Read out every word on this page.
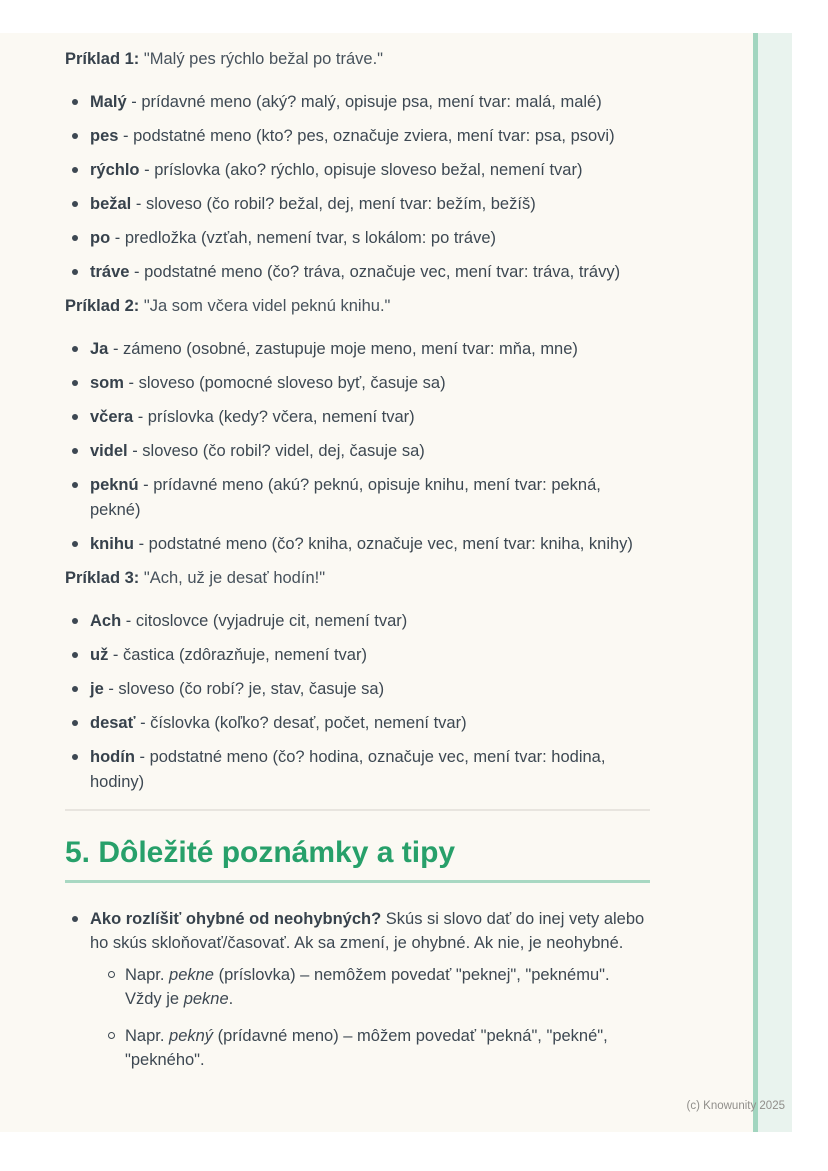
Príklad 1: "Malý pes rýchlo bežal po tráve."

Malý - prídavné meno (aký? malý, opisuje psa, mení tvar: malá, malé)
pes - podstatné meno (kto? pes, označuje zviera, mení tvar: psa, psovi)
rýchlo - príslovka (ako? rýchlo, opisuje sloveso bežal, nemení tvar)
bežal - sloveso (čo robil? bežal, dej, mení tvar: bežím, bežíš)
po - predložka (vzťah, nemení tvar, s lokálom: po tráve)
tráve - podstatné meno (čo? tráva, označuje vec, mení tvar: tráva, trávy)

Príklad 2: "Ja som včera videl peknú knihu."

Ja - zámeno (osobné, zastupuje moje meno, mení tvar: mňa, mne)
som - sloveso (pomocné sloveso byť, časuje sa)
včera - príslovka (kedy? včera, nemení tvar)
videl - sloveso (čo robil? videl, dej, časuje sa)
peknú - prídavné meno (akú? peknú, opisuje knihu, mení tvar: pekná, pekné)
knihu - podstatné meno (čo? kniha, označuje vec, mení tvar: kniha, knihy)

Príklad 3: "Ach, už je desať hodín!"

Ach - citoslovce (vyjadruje cit, nemení tvar)
už - častica (zdôrazňuje, nemení tvar)
je - sloveso (čo robí? je, stav, časuje sa)
desať - číslovka (koľko? desať, počet, nemení tvar)
hodín - podstatné meno (čo? hodina, označuje vec, mení tvar: hodina, hodiny)
5. Dôležité poznámky a tipy
Ako rozlíšiť ohybné od neohybných? Skús si slovo dať do inej vety alebo ho skús skloňovať/časovať. Ak sa zmení, je ohybné. Ak nie, je neohybné.
Napr. pekne (príslovka) – nemôžem povedať "peknej", "peknému". Vždy je pekne.
Napr. pekný (prídavné meno) – môžem povedať "pekná", "pekné", "pekného".
(c) Knowunity 2025
